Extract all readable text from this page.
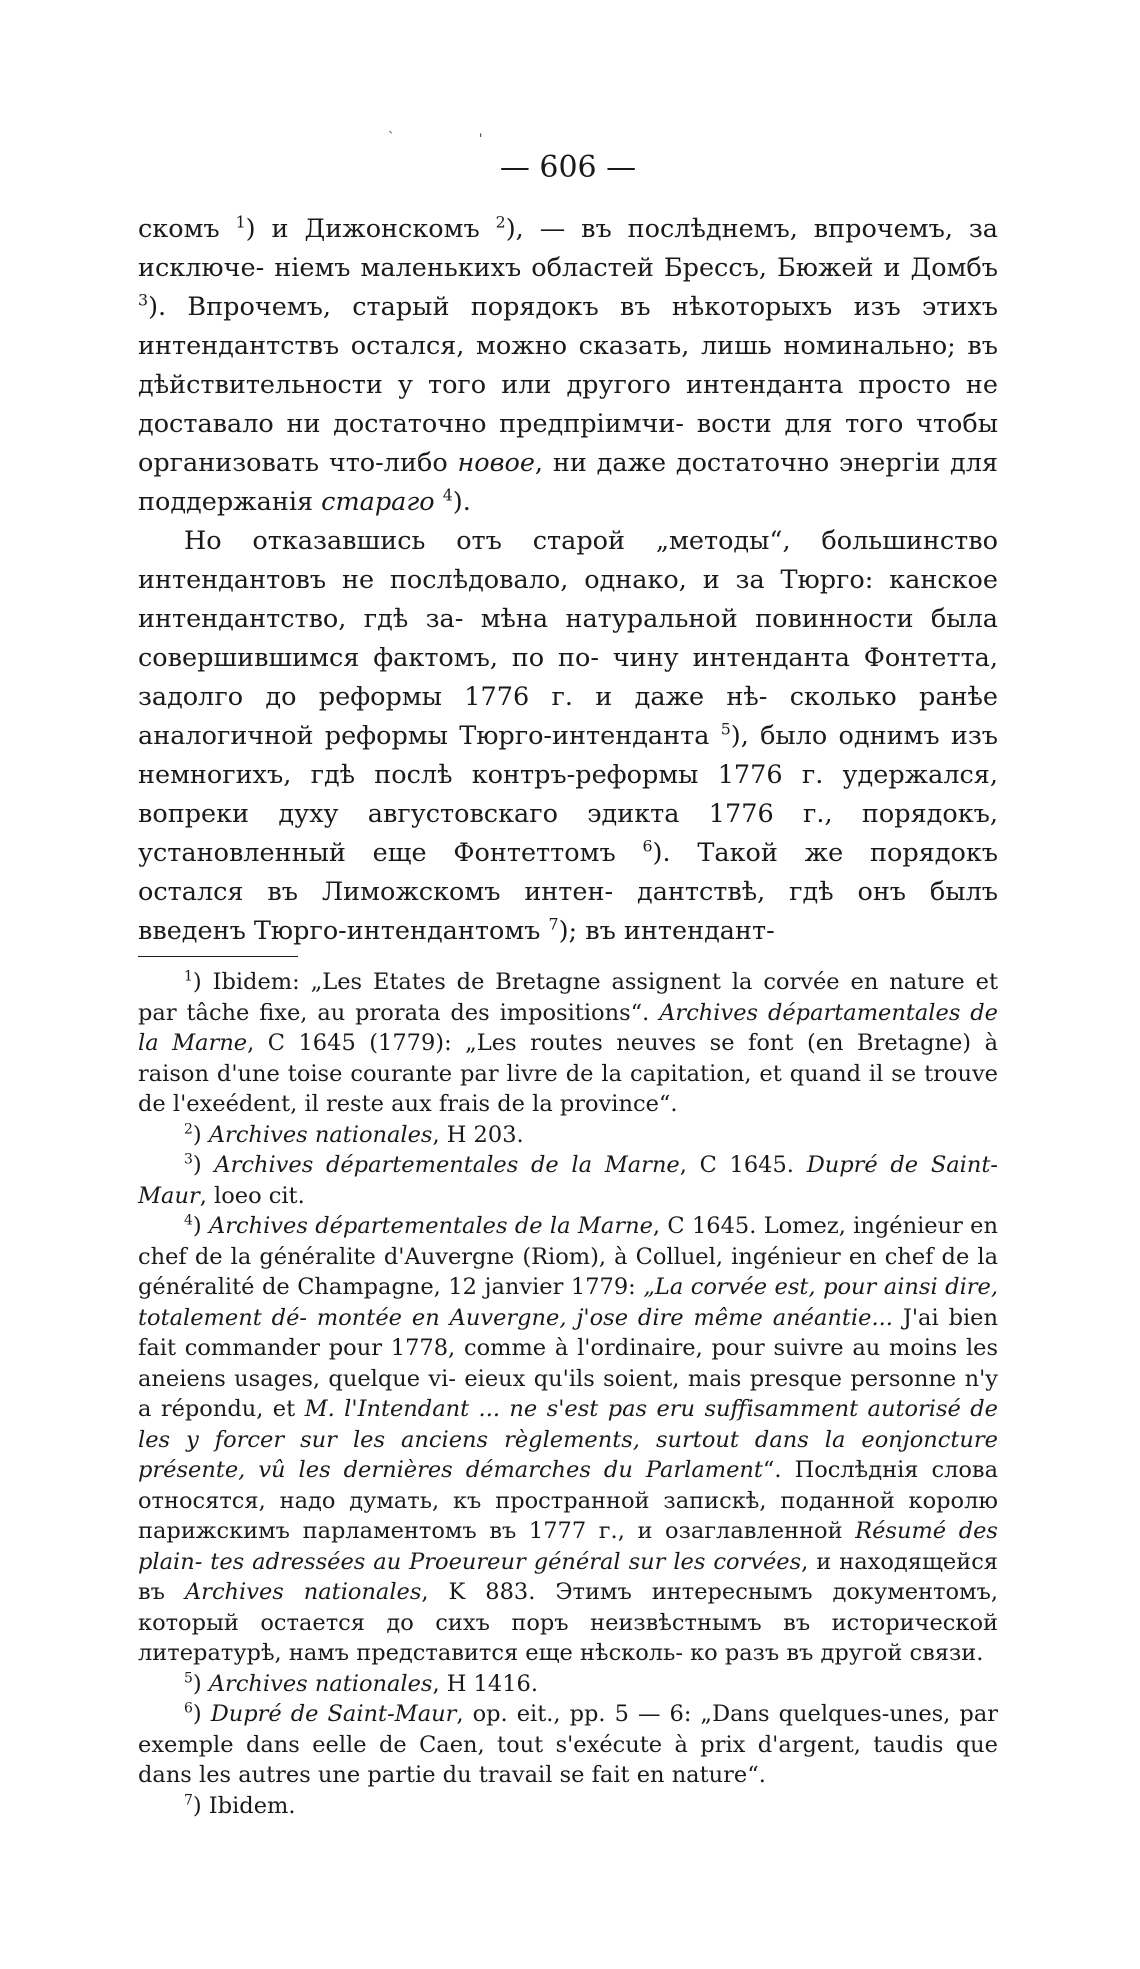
˴ ˌ
— 606 —

скомъ $^1$) и Дижонскомъ $^2$), — въ послѣднемъ, впрочемъ, за исключе- ніемъ маленькихъ областей Брессъ, Бюжей и Домбъ $^3$). Впрочемъ, старый порядокъ въ нѣкоторыхъ изъ этихъ интендантствъ остался, можно сказать, лишь номинально; въ дѣйствительности у того или другого интенданта просто не доставало ни достаточно предпріимчи- вости для того чтобы организовать что-либо новое, ни даже достаточно энергіи для поддержанія стараго $^4$).

Но отказавшись отъ старой „методы“, большинство интендантовъ не послѣдовало, однако, и за Тюрго: канское интендантство, гдѣ за- мѣна натуральной повинности была совершившимся фактомъ, по по- чину интенданта Фонтетта, задолго до реформы 1776 г. и даже нѣ- сколько ранѣе аналогичной реформы Тюрго-интенданта $^5$), было однимъ изъ немногихъ, гдѣ послѣ контръ-реформы 1776 г. удержался, вопреки духу августовскаго эдикта 1776 г., порядокъ, установленный еще Фонтеттомъ $^6$). Такой же порядокъ остался въ Лиможскомъ интен- дантствѣ, гдѣ онъ былъ введенъ Тюрго-интендантомъ $^7$); въ интендант-

$^1$) Ibidem: „Les Etates de Bretagne assignent la corvée en nature et par tâche fixe, au prorata des impositions“. Archives départamentales de la Marne, C 1645 (1779): „Les routes neuves se font (en Bretagne) à raison d'une toise courante par livre de la capitation, et quand il se trouve de l'exeédent, il reste aux frais de la province“.

$^2$) Archives nationales, H 203.

$^3$) Archives départementales de la Marne, C 1645. Dupré de Saint-Maur, loeo cit.

$^4$) Archives départementales de la Marne, C 1645. Lomez, ingénieur en chef de la généralite d'Auvergne (Riom), à Colluel, ingénieur en chef de la généralité de Champagne, 12 janvier 1779: „La corvée est, pour ainsi dire, totalement dé- montée en Auvergne, j'ose dire même anéantie... J'ai bien fait commander pour 1778, comme à l'ordinaire, pour suivre au moins les aneiens usages, quelque vi- eieux qu'ils soient, mais presque personne n'y a répondu, et M. l'Intendant ... ne s'est pas eru suffisamment autorisé de les y forcer sur les anciens règlements, surtout dans la eonjoncture présente, vû les dernières démarches du Parlament“. Послѣднія слова относятся, надо думать, къ пространной запискѣ, поданной королю парижскимъ парламентомъ въ 1777 г., и озаглавленной Résumé des plain- tes adressées au Proeureur général sur les corvées, и находящейся въ Archives nationales, K 883. Этимъ интереснымъ документомъ, который остается до сихъ поръ неизвѣстнымъ въ исторической литературѣ, намъ представится еще нѣсколь- ко разъ въ другой связи.

$^5$) Archives nationales, H 1416.

$^6$) Dupré de Saint-Maur, op. eit., pp. 5 — 6: „Dans quelques-unes, par exemple dans eelle de Caen, tout s'exécute à prix d'argent, taudis que dans les autres une partie du travail se fait en nature“.

$^7$) Ibidem.
